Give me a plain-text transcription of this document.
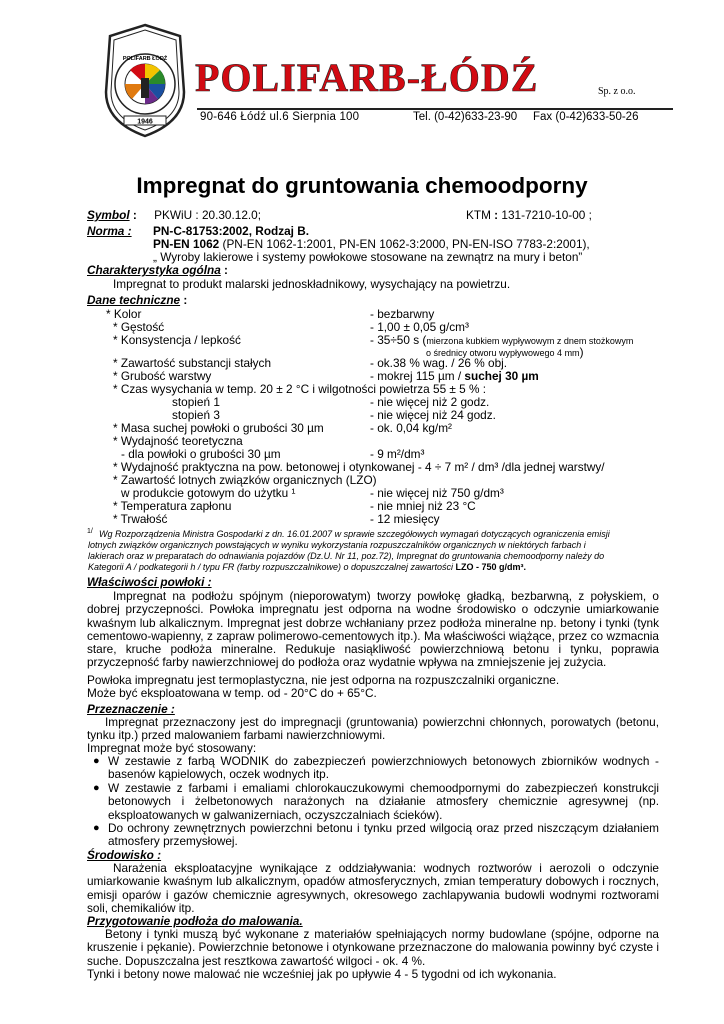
1946
POLIFARB ŁÓDŹ POLIFARB-ŁÓDŹ	Sp. z o.o.
90-646 Łódź ul.6 Sierpnia 100	Tel. (0-42)633-23-90 Fax (0-42)633-50-26
Impregnat do gruntowania chemoodporny
Symbol : PKWiU : 20.30.12.0;	KTM : 131-7210-10-00 ;
Norma : PN-C-81753:2002, Rodzaj B.
PN-EN 1062 (PN-EN 1062-1:2001, PN-EN 1062-3:2000, PN-EN-ISO 7783-2:2001),
„ Wyroby lakierowe i systemy powłokowe stosowane na zewnątrz na mury i beton”
Charakterystyka ogólna :
Impregnat to produkt malarski jednoskładnikowy, wysychający na powietrzu.
Dane techniczne :
* Kolor	- bezbarwny
* Gęstość	- 1,00 ± 0,05 g/cm³
* Konsystencja / lepkość	- 35÷50 s (mierzona kubkiem wypływowym z dnem stożkowym
o średnicy otworu wypływowego 4 mm)
* Zawartość substancji stałych	- ok.38 % wag. / 26 % obj.
* Grubość warstwy	- mokrej 115 µm / suchej 30 µm
* Czas wysychania w temp. 20 ± 2 °C i wilgotności powietrza 55 ± 5 % :
stopień 1	- nie więcej niż 2 godz.
stopień 3	- nie więcej niż 24 godz.
* Masa suchej powłoki o grubości 30 µm	- ok. 0,04 kg/m²
* Wydajność teoretyczna
- dla powłoki o grubości 30 µm	- 9 m²/dm³
* Wydajność praktyczna na pow. betonowej i otynkowanej - 4 ÷ 7 m² / dm³ /dla jednej warstwy/
* Zawartość lotnych związków organicznych (LZO)
w produkcie gotowym do użytku ¹	- nie więcej niż 750 g/dm³
* Temperatura zapłonu	- nie mniej niż 23 °C
* Trwałość	- 12 miesięcy
1/ Wg Rozporządzenia Ministra Gospodarki z dn. 16.01.2007 w sprawie szczegółowych wymagań dotyczących ograniczenia emisji
lotnych związków organicznych powstających w wyniku wykorzystania rozpuszczalników organicznych w niektórych farbach i
lakierach oraz w preparatach do odnawiania pojazdów (Dz.U. Nr 11, poz.72), Impregnat do gruntowania chemoodporny należy do
Kategorii A / podkategorii h / typu FR (farby rozpuszczalnikowe) o dopuszczalnej zawartości LZO - 750 g/dm³.
Właściwości powłoki :
Impregnat na podłożu spójnym (nieporowatym) tworzy powłokę gładką, bezbarwną, z połyskiem, o dobrej przyczepności. Powłoka impregnatu jest odporna na wodne środowisko o odczynie umiarkowanie kwaśnym lub alkalicznym. Impregnat jest dobrze wchłaniany przez podłoża mineralne np. betony i tynki (tynk cementowo-wapienny, z zapraw polimerowo-cementowych itp.). Ma właściwości wiążące, przez co wzmacnia stare, kruche podłoża mineralne. Redukuje nasiąkliwość powierzchniową betonu i tynku, poprawia przyczepność farby nawierzchniowej do podłoża oraz wydatnie wpływa na zmniejszenie jej zużycia.
Powłoka impregnatu jest termoplastyczna, nie jest odporna na rozpuszczalniki organiczne.
Może być eksploatowana w temp. od - 20°C do + 65°C.
Przeznaczenie :
Impregnat przeznaczony jest do impregnacji (gruntowania) powierzchni chłonnych, porowatych (betonu, tynku itp.) przed malowaniem farbami nawierzchniowymi.
Impregnat może być stosowany:
● W zestawie z farbą WODNIK do zabezpieczeń powierzchniowych betonowych zbiorników wodnych - basenów kąpielowych, oczek wodnych itp.
● W zestawie z farbami i emaliami chlorokauczukowymi chemoodpornymi do zabezpieczeń konstrukcji betonowych i żelbetonowych narażonych na działanie atmosfery chemicznie agresywnej (np. eksploatowanych w galwanizerniach, oczyszczalniach ścieków).
● Do ochrony zewnętrznych powierzchni betonu i tynku przed wilgocią oraz przed niszczącym działaniem atmosfery przemysłowej.
Środowisko :
Narażenia eksploatacyjne wynikające z oddziaływania: wodnych roztworów i aerozoli o odczynie umiarkowanie kwaśnym lub alkalicznym, opadów atmosferycznych, zmian temperatury dobowych i rocznych, emisji oparów i gazów chemicznie agresywnych, okresowego zachlapywania budowli wodnymi roztworami soli, chemikaliów itp.
Przygotowanie podłoża do malowania.
Betony i tynki muszą być wykonane z materiałów spełniających normy budowlane (spójne, odporne na kruszenie i pękanie). Powierzchnie betonowe i otynkowane przeznaczone do malowania powinny być czyste i suche. Dopuszczalna jest resztkowa zawartość wilgoci - ok. 4 %.
Tynki i betony nowe malować nie wcześniej jak po upływie 4 - 5 tygodni od ich wykonania.
